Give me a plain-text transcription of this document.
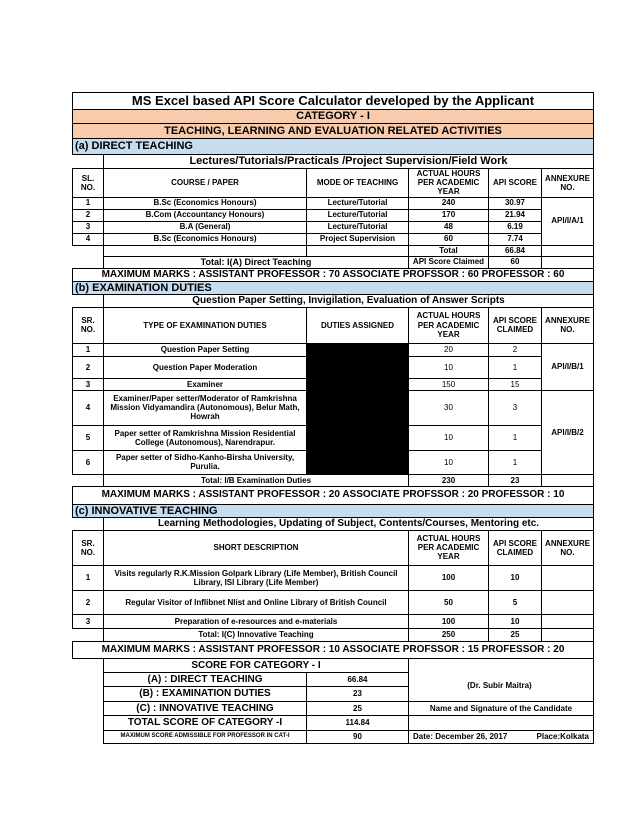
MS Excel based API Score Calculator developed by the Applicant					
CATEGORY - I					
TEACHING, LEARNING AND EVALUATION RELATED ACTIVITIES					
(a) DIRECT TEACHING					
	Lectures/Tutorials/Practicals /Project Supervision/Field Work				
SL. NO.	COURSE / PAPER	MODE OF TEACHING	ACTUAL HOURS PER ACADEMIC YEAR	API SCORE	ANNEXURE NO.
1	B.Sc (Economics Honours)	Lecture/Tutorial	240	30.97	API/I/A/1
2	B.Com (Accountancy Honours)	Lecture/Tutorial	170	21.94	
3	B.A (General)	Lecture/Tutorial	48	6.19	
4	B.Sc (Economics Honours)	Project Supervision	60	7.74	
			Total	66.84	
	Total: I(A) Direct Teaching		API Score Claimed	60	
MAXIMUM MARKS : ASSISTANT PROFESSOR : 70 ASSOCIATE PROFSSOR : 60 PROFESSOR : 60					
(b) EXAMINATION DUTIES					
	Question Paper Setting, Invigilation, Evaluation of Answer Scripts				
SR. NO.	TYPE OF EXAMINATION DUTIES	DUTIES ASSIGNED	ACTUAL HOURS PER ACADEMIC YEAR	API SCORE CLAIMED	ANNEXURE NO.
1	Question Paper Setting		20	2	API/I/B/1
2	Question Paper Moderation		10	1	
3	Examiner		150	15	
4	Examiner/Paper setter/Moderator of Ramkrishna Mission Vidyamandira (Autonomous), Belur Math, Howrah		30	3	API/I/B/2
5	Paper setter of Ramkrishna Mission Residential College (Autonomous), Narendrapur.		10	1	
6	Paper setter of Sidho-Kanho-Birsha University, Purulia.		10	1	
	Total: I/B Examination Duties		230	23	
MAXIMUM MARKS : ASSISTANT PROFESSOR : 20 ASSOCIATE PROFSSOR : 20 PROFESSOR : 10					
(c) INNOVATIVE TEACHING					
	Learning Methodologies, Updating of Subject, Contents/Courses, Mentoring etc.				
SR. NO.	SHORT DESCRIPTION		ACTUAL HOURS PER ACADEMIC YEAR	API SCORE CLAIMED	ANNEXURE NO.
1	Visits regularly R.K.Mission Golpark Library (Life Member), British Council Library, ISI Library (Life Member)		100	10	
2	Regular Visitor of Inflibnet Nlist and Online Library of British Council		50	5	
3	Preparation of e-resources and e-materials		100	10	
	Total: I(C) Innovative Teaching		250	25	
MAXIMUM MARKS : ASSISTANT PROFESSOR : 10 ASSOCIATE PROFSSOR : 15 PROFESSOR : 20					
	SCORE FOR CATEGORY - I				
	(A) : DIRECT TEACHING	66.84			
	(B) : EXAMINATION DUTIES	23			
	(C) : INNOVATIVE TEACHING	25	Name and Signature of the Candidate		
	TOTAL SCORE OF CATEGORY -I	114.84			
	MAXIMUM SCORE ADMISSIBLE FOR PROFESSOR IN CAT-I	90	Date: December 26, 2017 Place:Kolkata		
(Dr. Subir Maitra)
